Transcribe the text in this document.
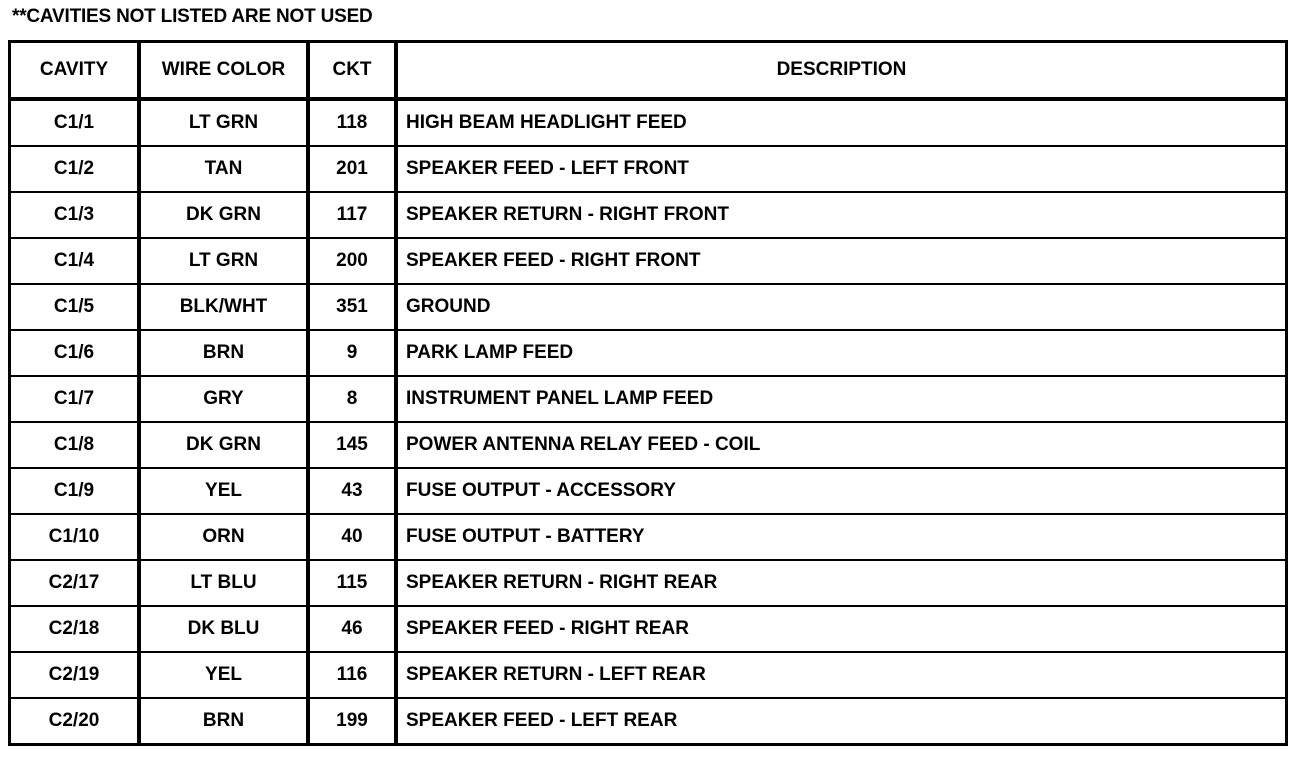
**CAVITIES NOT LISTED ARE NOT USED
CAVITY	WIRE COLOR	CKT	DESCRIPTION
C1/1	LT GRN	118	HIGH BEAM HEADLIGHT FEED
C1/2	TAN	201	SPEAKER FEED - LEFT FRONT
C1/3	DK GRN	117	SPEAKER RETURN - RIGHT FRONT
C1/4	LT GRN	200	SPEAKER FEED - RIGHT FRONT
C1/5	BLK/WHT	351	GROUND
C1/6	BRN	9	PARK LAMP FEED
C1/7	GRY	8	INSTRUMENT PANEL LAMP FEED
C1/8	DK GRN	145	POWER ANTENNA RELAY FEED - COIL
C1/9	YEL	43	FUSE OUTPUT - ACCESSORY
C1/10	ORN	40	FUSE OUTPUT - BATTERY
C2/17	LT BLU	115	SPEAKER RETURN - RIGHT REAR
C2/18	DK BLU	46	SPEAKER FEED - RIGHT REAR
C2/19	YEL	116	SPEAKER RETURN - LEFT REAR
C2/20	BRN	199	SPEAKER FEED - LEFT REAR
